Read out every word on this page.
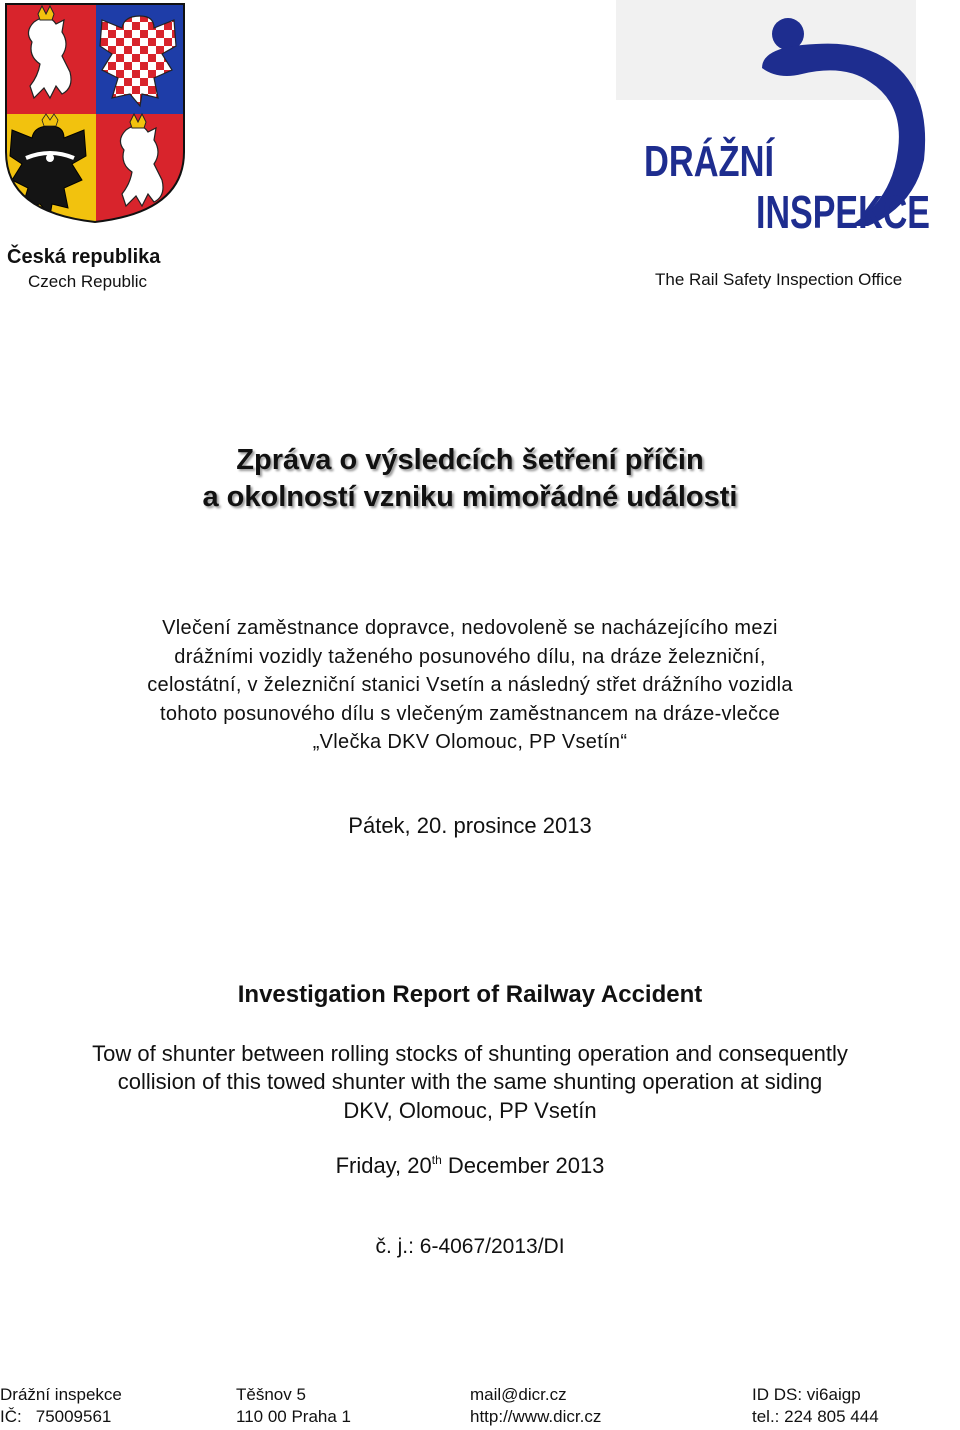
Česká republika
Czech Republic
DRÁŽNÍ
INSPEKCE
The Rail Safety Inspection Office
Zpráva o výsledcích šetření příčin
a okolností vzniku mimořádné události
Vlečení zaměstnance dopravce, nedovoleně se nacházejícího mezi
drážními vozidly taženého posunového dílu, na dráze železniční,
celostátní, v železniční stanici Vsetín a následný střet drážního vozidla
tohoto posunového dílu s vlečeným zaměstnancem na dráze-vlečce
„Vlečka DKV Olomouc, PP Vsetín“
Pátek, 20. prosince 2013
Investigation Report of Railway Accident
Tow of shunter between rolling stocks of shunting operation and consequently
collision of this towed shunter with the same shunting operation at siding
DKV, Olomouc, PP Vsetín
Friday, 20th December 2013
č. j.: 6-4067/2013/DI
Drážní inspekce
IČ: 75009561
Těšnov 5
110 00 Praha 1
mail@dicr.cz
http://www.dicr.cz
ID DS: vi6aigp
tel.: 224 805 444
